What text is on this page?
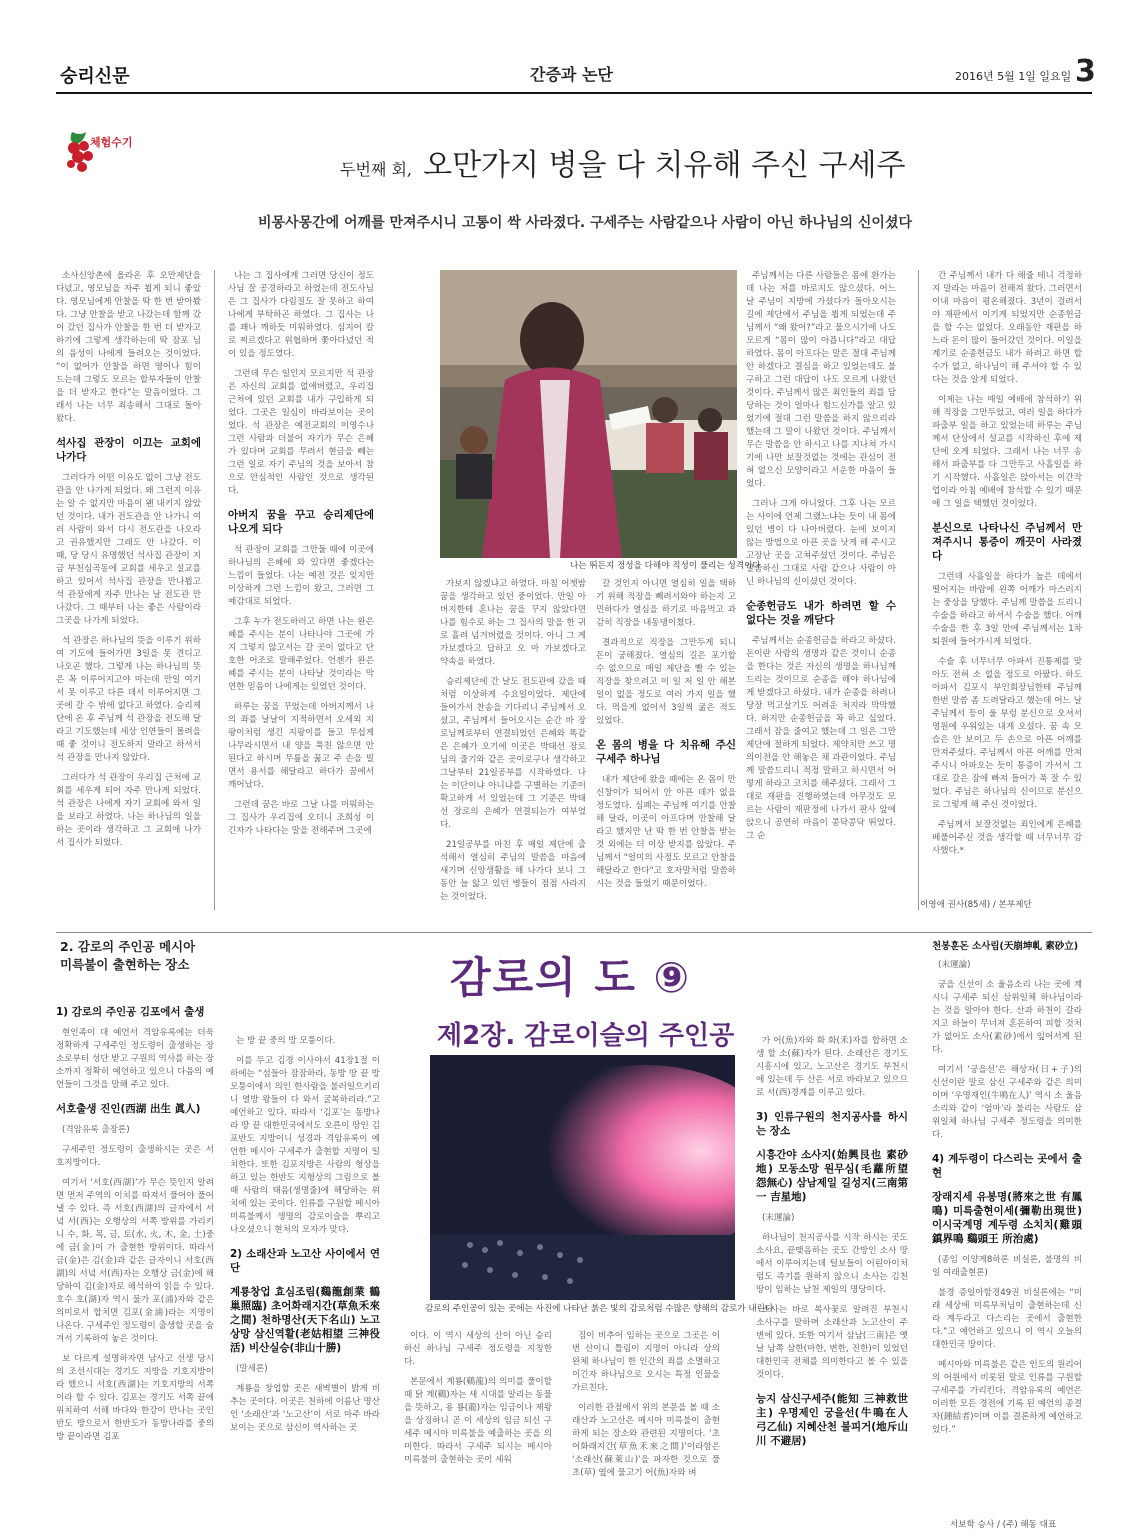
숭리신문	간증과 논단	2016년 5월 1일 일요일 3
체험수기
두번째 회, 오만가지 병을 다 치유해 주신 구세주
비몽사몽간에 어깨를 만져주시니 고통이 싹 사라졌다. 구세주는 사람같으나 사람이 아닌 하나님의 신이셨다

소사신앙촌에 올라온 후 오만제단을 다녔고, 영모님을 자주 뵙게 되니 좋았다. 영모님에게 안찰을 딱 한 번 받아봤다. 그냥 안찰을 받고 나갔는데 함께 갔 이 갔던 집사가 안찰을 한 번 더 받자고 하기에 그렇게 생각하는데 딱 잠포 님의 음성이 나에게 들려오는 것이었다. “이 없어가 안찰을 하면 영어나 힘이 드는데 그렇도 모르는 할부자들이 안찰을 더 받자고 한다”는 말음이었다. 그래서 나는 너무 죄송해서 그대로 돌아왔다.

석사집 관장이 이끄는 교회에 나가다

그러다가 어떤 이유도 없이 그냥 전도관을 안 나가게 되었다. 왜 그런지 이유는 알 수 없지만 마음이 왠 내키지 않았던 것이다. 내가 전도관을 안 나가니 여러 사람이 와서 다시 전도관을 나오라고 권유했지만 그래도 안 나갔다. 이 때, 당 당시 유명했던 석사집 관장이 지금 부천심곡동에 교회를 세우고 설교를 하고 있어서 석사집 관장을 만나뵙고 석 관장에게 자주 만나는 날 전도관 만 나갔다. 그 때부터 나는 좋은 사람이라 그곳을 나가게 되었다.

석 관장은 하나님의 뜻을 이루기 위하여 기도에 들어가면 3일을 못 견디고 나오곤 했다. 그렇게 나는 하나님의 뜻은 꼭 이루어지고야 마는데 만일 여기서 못 이루고 다른 데서 이루어지면 그곳에 갈 수 밖에 없다고 하였다. 승리제단에 온 후 주님께 석 관장을 전도해 달라고 기도했는데 세상 인연들이 몰려을 때 좋 것이니 전도하지 말라고 하셔서 석 관장을 만나지 않았다.

그러다가 석 관장이 우리집 근처에 교회를 세우게 되어 자주 만나게 되었다. 석 관장은 나에게 자기 교회에 와서 일을 보라고 하였다. 나는 하나님의 일을 하는 곳이라 생각하고 그 교회에 나가서 집사가 되었다.

나는 그 집사에게 그러면 당신이 정도사님 잘 공경하라고 하였는데 전도사님은 그 집사가 다림질도 잘 못하고 하여 나에게 부탁하곤 하였다. 그 집사는 나를 꽤나 깨하듯 미워하였다. 심지어 칼로 찌르겠다고 위협하며 쫓아다녔던 적이 있을 정도였다.

그런데 무슨 일인지 모르지만 석 관장은 자신의 교회를 없애버렸고, 우리집 근처에 있던 교회를 내가 구입하게 되었다. 그곳은 일심이 바라보이는 곳이었다. 석 관장은 예전교회의 이영수나 그런 사람과 더불어 자기가 무슨 은혜가 있다며 교회를 무려서 현금을 빼는 그런 일로 자기 주님의 것을 보아서 참으로 안심적인 사람인 것으로 생각된다.

아버지 꿈을 꾸고 승리제단에 나오게 되다

석 관장이 교회를 그만둘 때에 이곳에 하나님의 은혜에 와 있다면 좋겠다는 느낌이 들었다. 나는 예전 것은 잊지만 이상하게 그런 느낌이 왔고, 그러면 그 예감대로 되었다.

그후 누가 전도하러고 하면 나는 완은혜를 주시는 분이 나타나야 그곳에 가지 그렇지 않고서는 갈 곳이 없다고 단호한 어조로 말해주었다. 언젠가 완은혜를 주시는 분이 나타날 것이라는 막연한 믿음이 나에게는 있었던 것이다.

하루는 꿈을 꾸었는데 아버지께서 나의 좌를 날날이 지적하면서 오세외 지팡이처럼 생긴 지팡이를 들고 무섭게 나무라시면서 내 양을 툭친 않으면 안 된다고 하시며 무릎을 꿇고 주 손을 빌면서 용서를 해달라고 하다가 꿈에서 깨어났다.

그런데 꿈은 바로 그날 나를 미워하는 그 집사가 우리집에 오더니 조희성 이 긴자가 나타다는 말을 전해주며 그곳에

가보지 않겠냐고 하였다. 마침 어젯밤 꿈을 생각하고 있던 중이었다. 만일 아버지한테 혼나는 꿈을 꾸지 않았다면 나를 힘수로 하는 그 집사의 말을 한 귀로 흘려 넘겨버렸을 것이다. 아니 그 게 가보겠다고 답하고 오 마 가보겠다고 약속을 하였다.

승리제단에 간 날도 전도관에 갔을 때처럼 이상하게 수요일이었다. 제단에 들어가서 찬송을 기다리니 주님께서 오셨고, 주님께서 들어오시는 순간 바 장로님께로부터 연결되었던 은혜와 똑같은 은혜가 오기에 이곳은 박태선 장로님의 줄기와 같은 곳이로구나 생각하고 그날부터 21일공부를 시작하였다. 나는 이단이냐 아니냐를 구별하는 기준이 확고하게 서 있었는데 그 기준은 박태선 장로의 은혜가 연결되는가 여부였다.

21일공부를 마친 후 매일 제단에 출석해서 열심히 주님의 말씀을 마음에 새기며 신앙생활을 해 나가다 보니 그 동안 늘 앓고 있던 병들이 점점 사라지는 것이었다.

갈 것인지 아니면 열심히 일을 택하기 위해 직장을 빼려서와야 하는지 고민하다가 열심을 하기로 마음먹고 과감히 직장을 내동댕이쳤다.

결과적으로 직장을 그만두게 되니 돈이 궁해졌다. 열심의 길은 포기할 수 없으므로 매일 제단을 빨 수 있는 직장을 찾으려고 이 일 저 일 안 해본 일이 없을 정도로 여러 가지 일을 했다. 먹을게 없어서 3일씩 굶은 적도 있었다.

온 몸의 병을 다 치유해 주신 구세주 하나님

내가 제단에 왔을 때에는 온 몸이 만신창이가 되어서 안 아픈 데가 없을 정도였다. 심폐는 주님께 여기를 안찰해 달라, 이곳이 아프다며 안찰해 달라고 했지만 난 딱 한 번 안찰을 받는 것 외에는 더 이상 받지를 않았다. 주님께서 "얼미의 사정도 모르고 안찰을 해달라고 한다"고 호자말처럼 말씀하시는 것을 들었기 때문이었다.

주님께서는 다른 사람들은 몸에 환가는데 나는 저를 바로지도 않으셨다. 어느 날 주님이 지방에 가셨다가 돌아오시는 길에 제단에서 주님을 뵙게 되었는데 주님께서 “왜 왔어?”라고 물으시기에 나도 모르게 “몸이 많이 아픕니다”라고 대답하였다. 몸이 아프다는 말은 절대 주님께 안 하겠다고 결심을 하고 있었는데도 불구하고 그런 대답이 나도 모르게 나왔던 것이다. 주님께서 많은 최인들의 죄를 담당하는 것이 얼마나 힘드신가를 알고 있었기에 절대 그런 말씀을 하지 않으리라 했는데 그 말이 나왔던 것이다. 주님께서 무슨 말씀을 안 하시고 나를 지나쳐 가시기에 나만 보잘것없는 것에는 관심이 전혀 없으신 모양이라고 서운한 마음이 들었다.

그러나 그게 아니었다. 그후 나는 모르는 사이에 언제 그랬느냐는 듯이 내 몸에 있던 병이 다 나아버렸다. 눈에 보이지 않는 방법으로 아픈 곳을 낫게 해 주시고 고장난 곳을 고쳐주셨던 것이다. 주님은 말씀하신 그대로 사람 같으나 사람이 아닌 하나님의 신이셨던 것이다.

순종헌금도 내가 하려면 할 수 없다는 것을 깨닫다

주님께서는 순종헌금을 하라고 하셨다. 돈이란 사람의 생명과 같은 것이니 순종을 한다는 것은 자신의 생명을 하나님께 드리는 것이므로 순종을 해야 하나님에게 받겠다고 하셨다. 내가 순종을 하려니 당장 먹고살기도 어려운 처지라 막막했다. 하지만 순종헌금을 꼭 하고 싶었다. 그래서 잠을 줄여고 했는데 그 일은 그만 제단에 절하게 되었다. 제약치만 쓰고 명의이전을 안 해놓은 채 과관이었다. 주님께 말씀드리니 적정 말하고 하시면서 어떻게 하라고 코치를 해주셨다. 그래서 그대로 재판을 진행하였는데 아무것도 모르는 사람이 재판정에 나가서 판사 앞에 앉으니 공연히 마음이 콩닥콩닥 뛰었다. 그 순

간 주님께서 내가 다 해줄 테니 걱정하지 말라는 마음이 전해져 왔다. 그러면서 이내 마음이 평온해졌다. 3년이 걸려서야 재판에서 이기게 되었지만 순종헌금을 할 수는 없었다. 오래동안 재판을 하느라 돈이 많이 들어갔던 것이다. 이일을 계기로 순종헌금도 내가 하려고 하면 할 수가 없고, 하나님이 해 주셔야 할 수 있다는 것을 알게 되었다.

이제는 나는 매일 예배에 참석하기 위해 직장을 그만두었고, 여러 일을 하다가 파출부 일을 하고 있었는데 하루는 주님께서 단상에서 설교를 시작하신 후에 제단에 오게 되었다. 그래서 나는 너무 송해서 파출부를 다 그만두고 사흘일을 하기 시작했다. 사흘일은 앉아서는 이간작업이라 아침 예배에 참석할 수 있기 때문에 그 일을 택했던 것이었다.

분신으로 나타나신 주님께서 만져주시니 통증이 깨끗이 사라졌다

그런데 사흘일을 하다가 높은 데에서 떨어지는 바람에 왼쪽 어깨가 마스러지는 중상을 당했다. 주님께 말씀을 드리니 수술을 하라고 하셔서 수술을 했다. 어깨수술을 한 후 3일 만에 주님께서는 1차 퇴원에 들어가시게 되었다.

수술 후 너무너무 아파서 진통제를 맞아도 전혀 소 없을 정도로 아팠다. 하도 아파서 김포시 부인회장님한테 주님께 한번 말씀 좀 드려달라고 했는데 어느 날 주님께서 등이 울 부렁 분신으로 오셔서 영원에 우워있는 내게 오셨다. 꿈 속 모습은 안 보이고 두 손으로 아픈 어깨를 만져주셨다. 주님께서 아픈 어깨를 만져주시니 아파오는 듯이 통증이 가셔서 그대로 갈은 잠에 빠져 들어가 푹 잘 수 있었다. 주님은 하나님의 신이므로 분신으로 그렇게 해 주신 것이었다.

주님께서 보잘것없는 죄인에게 은혜를 베풀어주신 것을 생각할 때 너무너무 감사했다.*

나는 뛰든지 정성을 다해야 직성이 풀리는 성격이다
이영애 권사(85세) / 본부제단
2. 감로의 주인공 메시아 미륵불이 출현하는 장소	감로의 도 ⑨
제2장. 감로이슬의 주인공
천봉훈돈 소사림(天崩坤軋 素砂立)
1) 감로의 주인공 김포에서 출생

현인족이 대 예언서 격암유록에는 더욱 정확하게 구세주인 정도령이 출생하는 장소로부터 성단 받고 구원의 역사를 하는 장소까지 정확히 예언하고 있으니 다음의 예언들이 그것을 말해 주고 있다.

서호출생 진인(西湖 出生 眞人)

(격암유록 출장론)

구세주인 정도령이 출생하시는 곳은 서호지방이다.

여기서 ‘서호(西湖)’가 무슨 뜻인지 알려면 먼저 주역의 이치를 따져서 풀어야 풀어낼 수 있다. 즉 서호(西湖)의 글자에서 서녘 서(西)는 오행상의 서쪽 방위를 가리키니 수, 화, 목, 금, 토(水, 火, 木, 金, 土)중에 금(金)이 가 출현한 방위이다. 따라서 금(金)은 김(金)과 같은 글자이니 서호(西湖)의 서녘 서(西)자는 오행상 금(金)에 해당하여 김(金)자로 해석하여 읽을 수 있다. 호수 호(湖)자 역시 물가 포(浦)자와 같은 의미로서 합치면 김포(金浦)라는 지명이 나온다. 구세주인 정도령이 출생할 곳을 숨겨서 기록하여 놓은 것이다.

보 다르게 설명하자면 남사고 선생 당시의 조선시대는 경기도 지방을 기호지방이라 했으니 서호(西湖)는 기호지방의 서쪽이라 할 수 있다. 김포는 경기도 서쪽 끝에 위치하여 서해 바다와 한강이 만나는 곳인 반도 방으로서 한반도가 동방나라를 중의 방 끝이라면 김포

는 방 끝 중의 방 모퉁이다.

이를 두고 김경 이사야서 41장1절 이하에는 “섬들아 잠잠하라, 동방 땅 끝 방 모퉁이에서 의인 한사람을 불러일으키리니 열방 왕들이 다 와서 굴복하리라.”고 예언하고 있다. 따라서 ‘김포’는 동방나라 땅 끝 대한민국에서도 오른이 땅인 김포반도 지방이니 성경과 격암유록이 예언한 메시아 구세주가 출현할 지명이 일치한다. 또한 김포지방은 사람의 형상을 하고 있는 한반도 지형상의 그림으로 볼 때 사람의 태음(생명줄)에 해당하는 위치에 있는 곳이다. 인류를 구원할 메시아 미륵불께서 생명의 감로이슬을 뿌리고 나오셨으니 현처의 모자가 맞다.

2) 소래산과 노고산 사이에서 연단
계룡창업 효심조림(鷄龍創業 鶴巢照臨) 초어화래지간(草魚禾來之間) 천하명산(天下名山) 노고상망 삼신역활(老姑相望 三神役活) 비산실승(非山十勝)

(말세론)

계룡을 창업할 곳은 새벽별이 밝게 비추는 곳이다. 이곳은 천하에 이름난 명산인 ‘소래산’과 ‘노고산’이 서로 마주 바라보이는 곳으로 삼신이 역사하는 곳

이다. 이 역시 세상의 산이 아닌 승리하신 하나님 구세주 정도령을 지칭한 다.

본문에서 계룡(鷄龍)의 의미를 풀이할 때 닭 계(鷄)자는 새 시대를 알리는 동물을 뜻하고, 용 룡(龍)자는 임금이나 제왕을 상징하니 곧 이 세상의 임금 되신 구세주 메시아 미륵불을 예출하는 곳을 의미한다. 따라서 구세주 되시는 메시아 미륵불이 출현하는 곳이 세워

짐이 비추어 임하는 곳으로 그곳은 이번 산이니 틀림이 지명이 아니라 상의 완체 하나님이 한 인간의 죄를 소멸하고 이긴자 하나님으로 오시는 특정 인물을 가르친다.

이러한 관점에서 위의 본문을 볼 때 소래산과 노고산은 메시아 미륵불이 출현하게 되는 장소와 관련된 지명이다. ‘초어화래지간(草魚禾來之間)’이라함은 ‘소래산(蘇萊山)’을 파자한 것으로 풀 초(草) 옆에 물고기 어(魚)자와 벼

가 어(魚)자와 화 화(禾)자를 합하면 소생 할 소(蘇)자가 된다. 소래산은 경기도 시흥시에 있고, 노고산은 경기도 부천시에 있는데 두 산은 서로 바라보고 있으므로 서(西)경계를 이루고 있다.

3) 인류구원의 천지공사를 하시는 장소
시흥간야 소사지(始興艮也 素砂地) 모동소망 원무심(毛蘿所望 怨無心) 삼남제일 길성지(三南第一 吉星地)

(末運論)

하나님이 천지공사를 시작 하시는 곳도 소사요, 끝맺음하는 곳도 간방인 소사 땅에서 이루어지는데 털보들이 어린아이처럼도 즉기를 원하지 않으니 소사는 김천 땅이 임하는 남천 제일의 명당이다.

소사는 바로 복사꽃로 알려진 부천시 소사구를 말하며 소래산과 노고산이 주변에 있다. 또한 여기서 삼남(三南)은 옛날 남쪽 삼한(마한, 변한, 진한)이 있었던 대한민국 전체를 의미한다고 볼 수 있을 것이다.

능지 삼신구세주(能知 三神救世主) 우명제인 궁을선(牛鳴在人 弓乙仙) 지혜산천 불피거(地斥山川 不避居)

(末運論)

궁을 신선이 소 울음소리 나는 곳에 계시니 구세주 되신 삼위일체 하나님이라는 것을 알아야 한다. 산과 하천이 갈라지고 하늘이 무너져 혼돈하여 피할 것처가 없어도 소사(素砂)에서 잎어서게 된다.

여기서 ‘궁을선’은 해상자(日+子)의 신선이란 말로 삼신 구세주와 같은 의미이며 ‘우명재인(牛鳴在人)’ 역시 소 울음소리와 같이 ‘엄마’라 불리는 사람도 삼위일체 하나님 구세주 정도령을 의미한다.

4) 계두령이 다스리는 곳에서 출현
장래지세 유봉명(將來之世 有鳳鳴) 미륵출현이세(彌勒出現世) 이시국계명 계두령 소치치(雞頭鎮界鳴 鷄頭王 所治處)

(종임 이양게8하론 비실론, 불명의 비일 여래출현론)

불경 증일아함경49권 비실론에는 “미래 세상에 미륵부처님이 출현하는데 신라 계두라고 다스리는 곳에서 출현한다.”고 예언하고 있으니 이 역시 오늘의 대한민국 땅이다.

메시아와 미륵불은 같은 인도의 원리어의 어원에서 비롯된 말로 인류를 구원할 구세주를 가리킨다. 격암유록의 예언은 이러한 모든 경전에 기록 된 예언의 종결자(鍾結者)이며 이를 결론하게 예언하고 있다.”

감로의 주인공이 있는 곳에는 사진에 나타난 붉은 빛의 감로처럼 수많은 향해의 감로가 내린다
서보학 승사 / (주) 해동 대표
